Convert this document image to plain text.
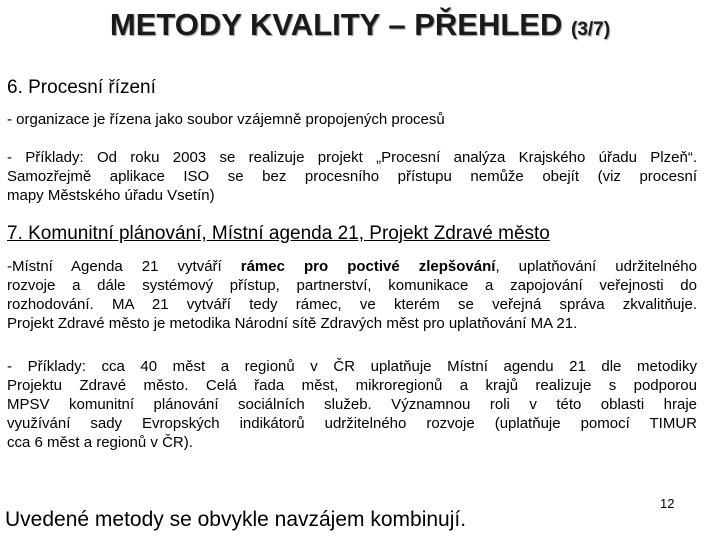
METODY KVALITY – PŘEHLED (3/7)
6. Procesní řízení
- organizace je řízena jako soubor vzájemně propojených procesů
- Příklady: Od roku 2003 se realizuje projekt „Procesní analýza Krajského úřadu Plzeň“.
Samozřejmě aplikace ISO se bez procesního přístupu nemůže obejít (viz procesní
mapy Městského úřadu Vsetín)
7. Komunitní plánování, Místní agenda 21, Projekt Zdravé město
-Místní Agenda 21 vytváří rámec pro poctivé zlepšování, uplatňování udržitelného
rozvoje a dále systémový přístup, partnerství, komunikace a zapojování veřejnosti do
rozhodování. MA 21 vytváří tedy rámec, ve kterém se veřejná správa zkvalitňuje.
Projekt Zdravé město je metodika Národní sítě Zdravých měst pro uplatňování MA 21.
- Příklady: cca 40 měst a regionů v ČR uplatňuje Místní agendu 21 dle metodiky
Projektu Zdravé město. Celá řada měst, mikroregionů a krajů realizuje s podporou
MPSV komunitní plánování sociálních služeb. Významnou roli v této oblasti hraje
využívání sady Evropských indikátorů udržitelného rozvoje (uplatňuje pomocí TIMUR
cca 6 měst a regionů v ČR).
Uvedené metody se obvykle navzájem kombinují.
12
